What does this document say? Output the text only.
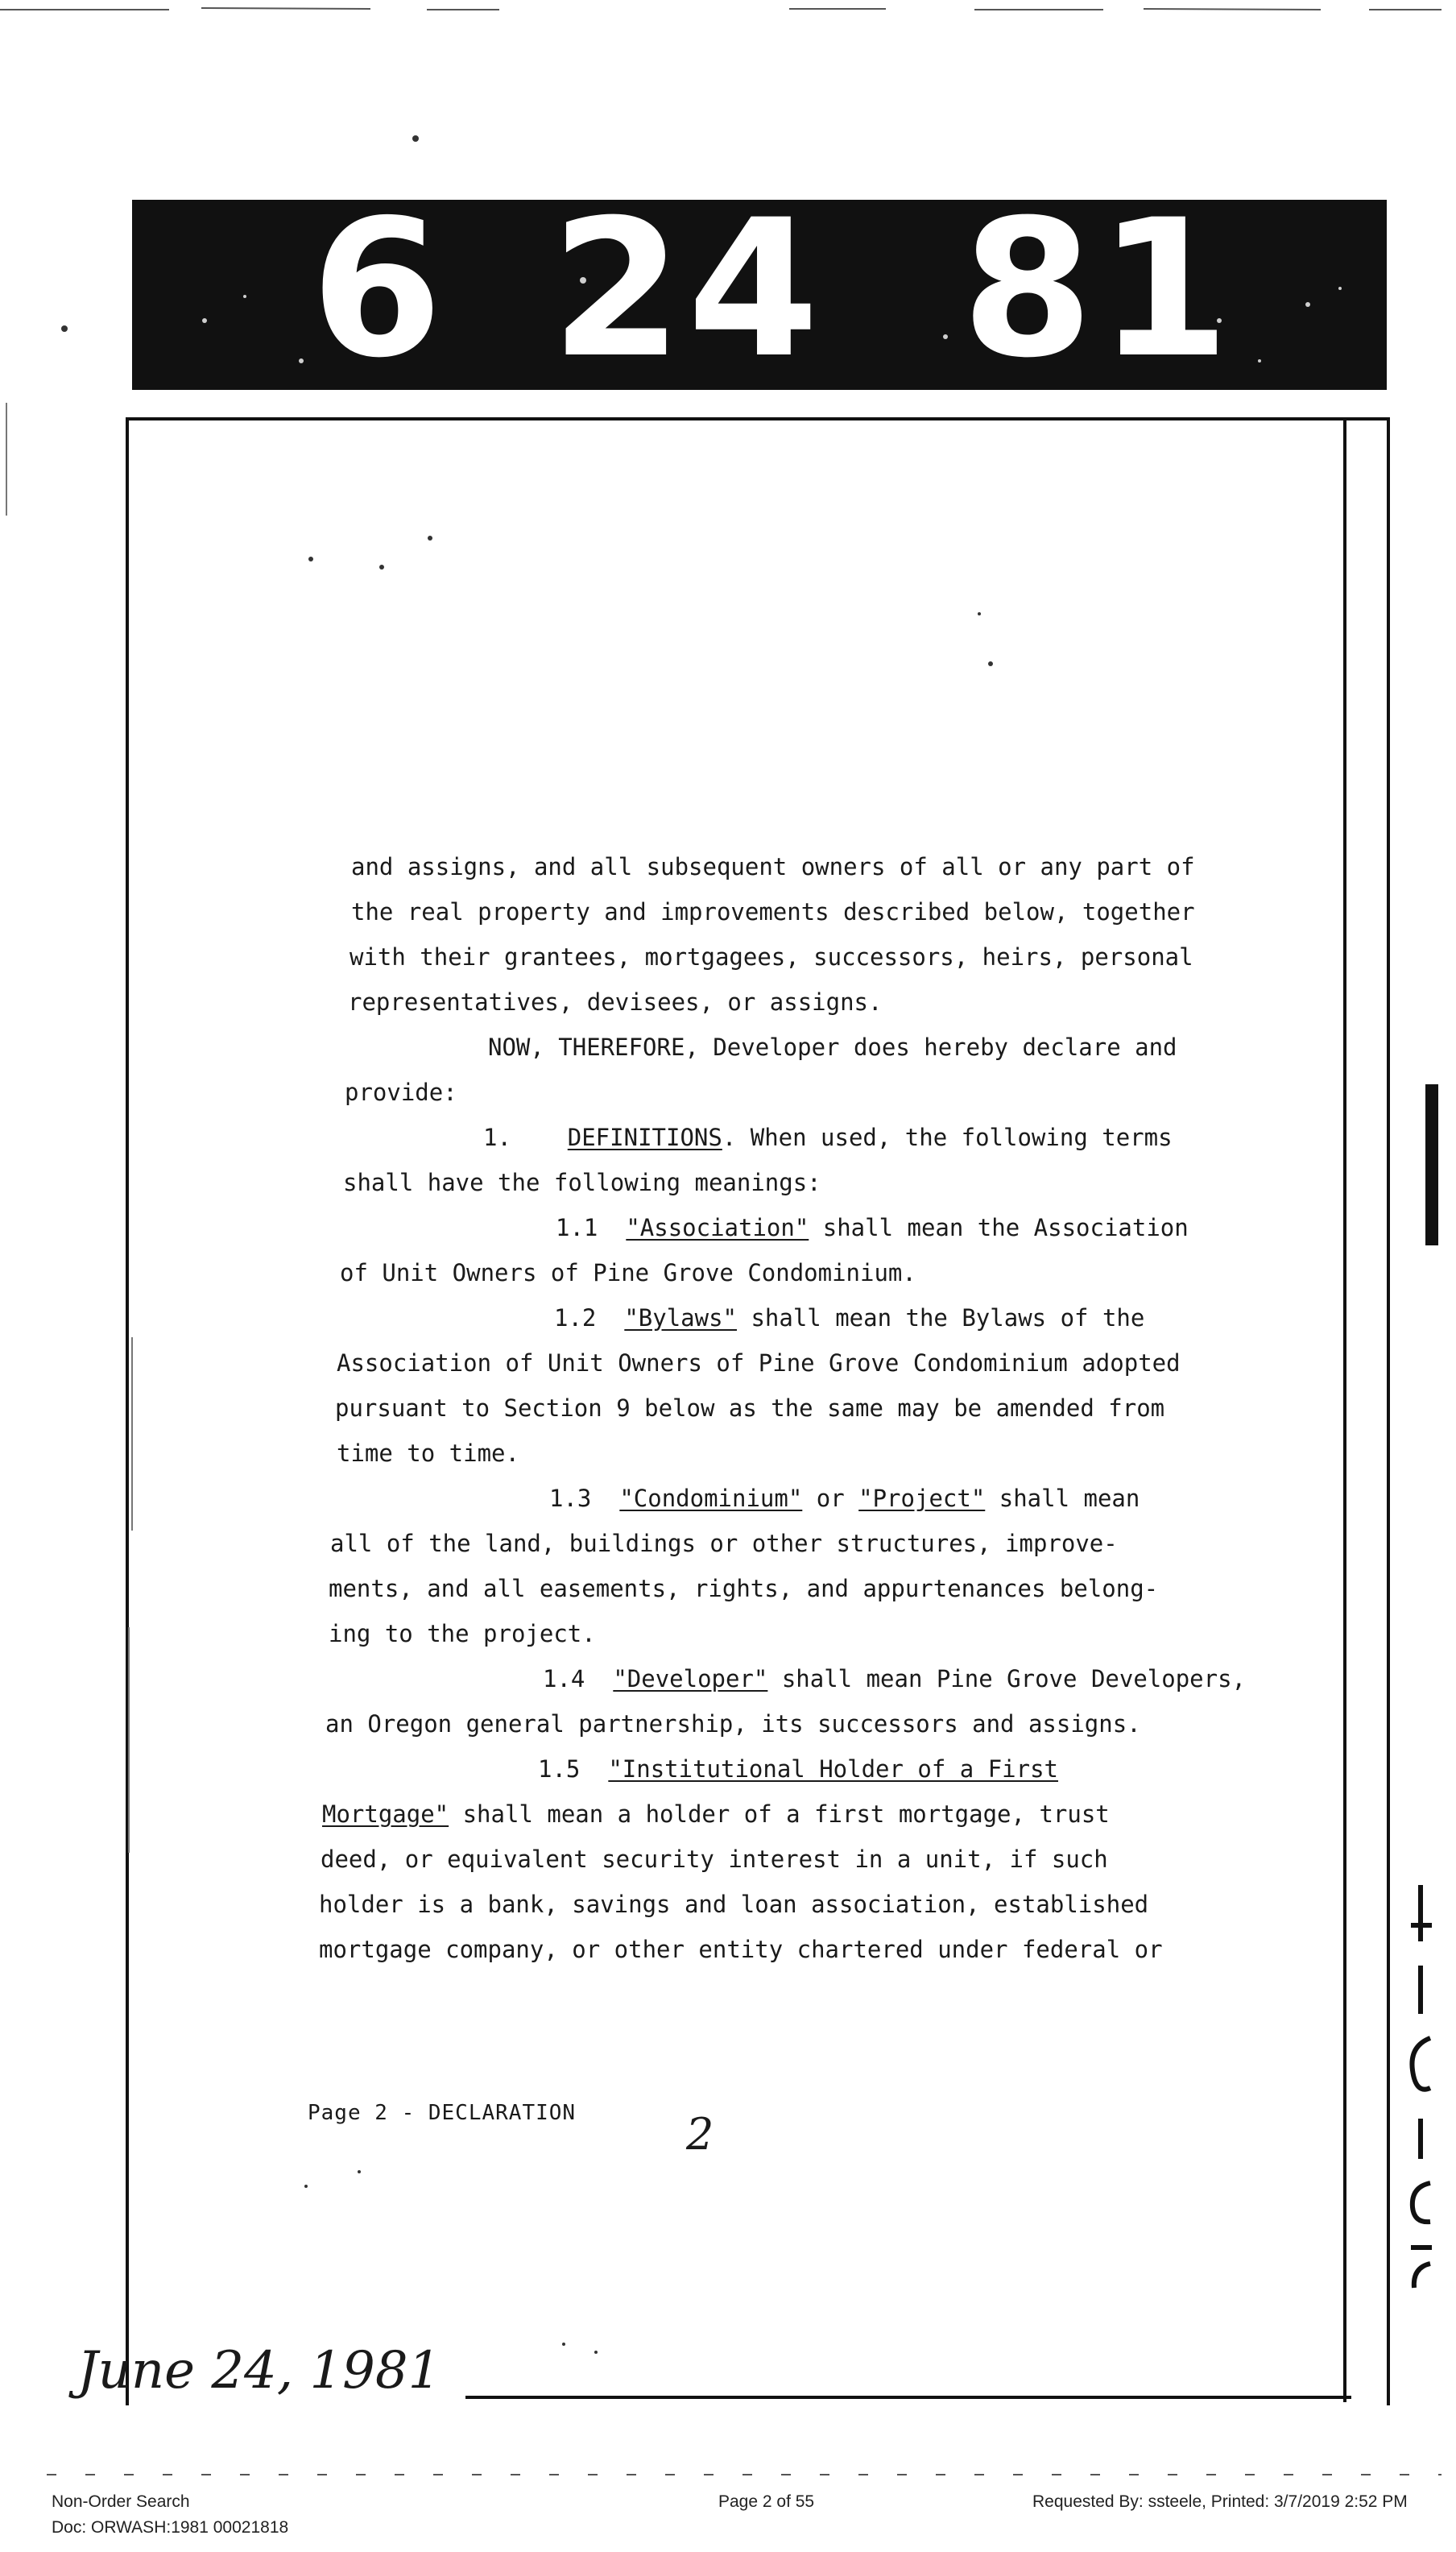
6 24 81
and assigns, and all subsequent owners of all or any part of
the real property and improvements described below, together
with their grantees, mortgagees, successors, heirs, personal
representatives, devisees, or assigns.
NOW, THEREFORE, Developer does hereby declare and
provide:
1. DEFINITIONS. When used, the following terms
shall have the following meanings:
1.1 "Association" shall mean the Association
of Unit Owners of Pine Grove Condominium.
1.2 "Bylaws" shall mean the Bylaws of the
Association of Unit Owners of Pine Grove Condominium adopted
pursuant to Section 9 below as the same may be amended from
time to time.
1.3 "Condominium" or "Project" shall mean
all of the land, buildings or other structures, improve-
ments, and all easements, rights, and appurtenances belong-
ing to the project.
1.4 "Developer" shall mean Pine Grove Developers,
an Oregon general partnership, its successors and assigns.
1.5 "Institutional Holder of a First
Mortgage" shall mean a holder of a first mortgage, trust
deed, or equivalent security interest in a unit, if such
holder is a bank, savings and loan association, established
mortgage company, or other entity chartered under federal or
Page 2 - DECLARATION	2
June 24, 1981
Non-Order Search
Doc: ORWASH:1981 00021818
Page 2 of 55	Requested By: ssteele, Printed: 3/7/2019 2:52 PM
